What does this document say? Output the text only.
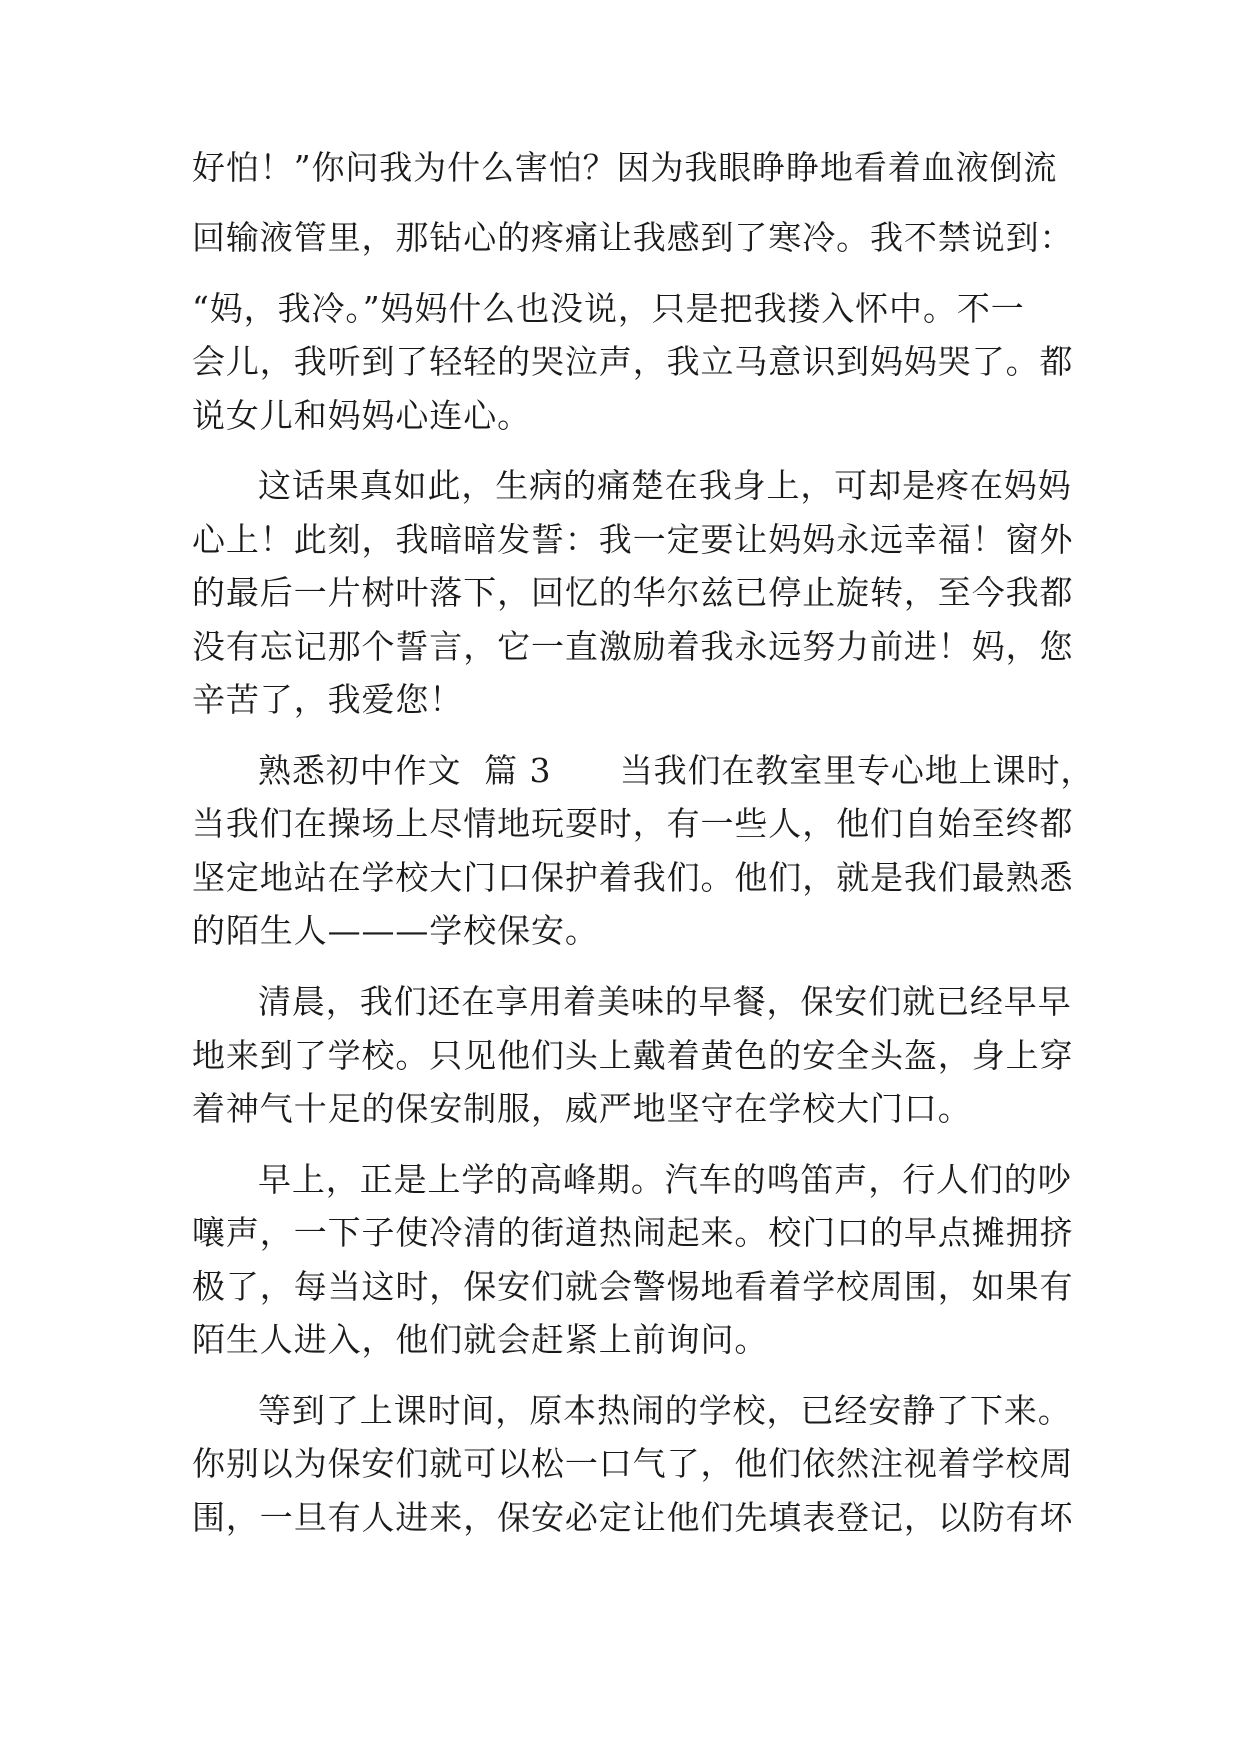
好怕！”你问我为什么害怕？因为我眼睁睁地看着血液倒流
回输液管里，那钻心的疼痛让我感到了寒冷。我不禁说到：
“妈，我冷。”妈妈什么也没说，只是把我搂入怀中。不一
会儿，我听到了轻轻的哭泣声，我立马意识到妈妈哭了。都
说女儿和妈妈心连心。
这话果真如此，生病的痛楚在我身上，可却是疼在妈妈
心上！此刻，我暗暗发誓：我一定要让妈妈永远幸福！窗外
的最后一片树叶落下，回忆的华尔兹已停止旋转，至今我都
没有忘记那个誓言，它一直激励着我永远努力前进！妈，您
辛苦了，我爱您！
熟悉初中作文  篇 3      当我们在教室里专心地上课时，
当我们在操场上尽情地玩耍时，有一些人，他们自始至终都
坚定地站在学校大门口保护着我们。他们，就是我们最熟悉
的陌生人———学校保安。
清晨，我们还在享用着美味的早餐，保安们就已经早早
地来到了学校。只见他们头上戴着黄色的安全头盔，身上穿
着神气十足的保安制服，威严地坚守在学校大门口。
早上，正是上学的高峰期。汽车的鸣笛声，行人们的吵
嚷声，一下子使冷清的街道热闹起来。校门口的早点摊拥挤
极了，每当这时，保安们就会警惕地看着学校周围，如果有
陌生人进入，他们就会赶紧上前询问。
等到了上课时间，原本热闹的学校，已经安静了下来。
你别以为保安们就可以松一口气了，他们依然注视着学校周
围，一旦有人进来，保安必定让他们先填表登记，以防有坏
